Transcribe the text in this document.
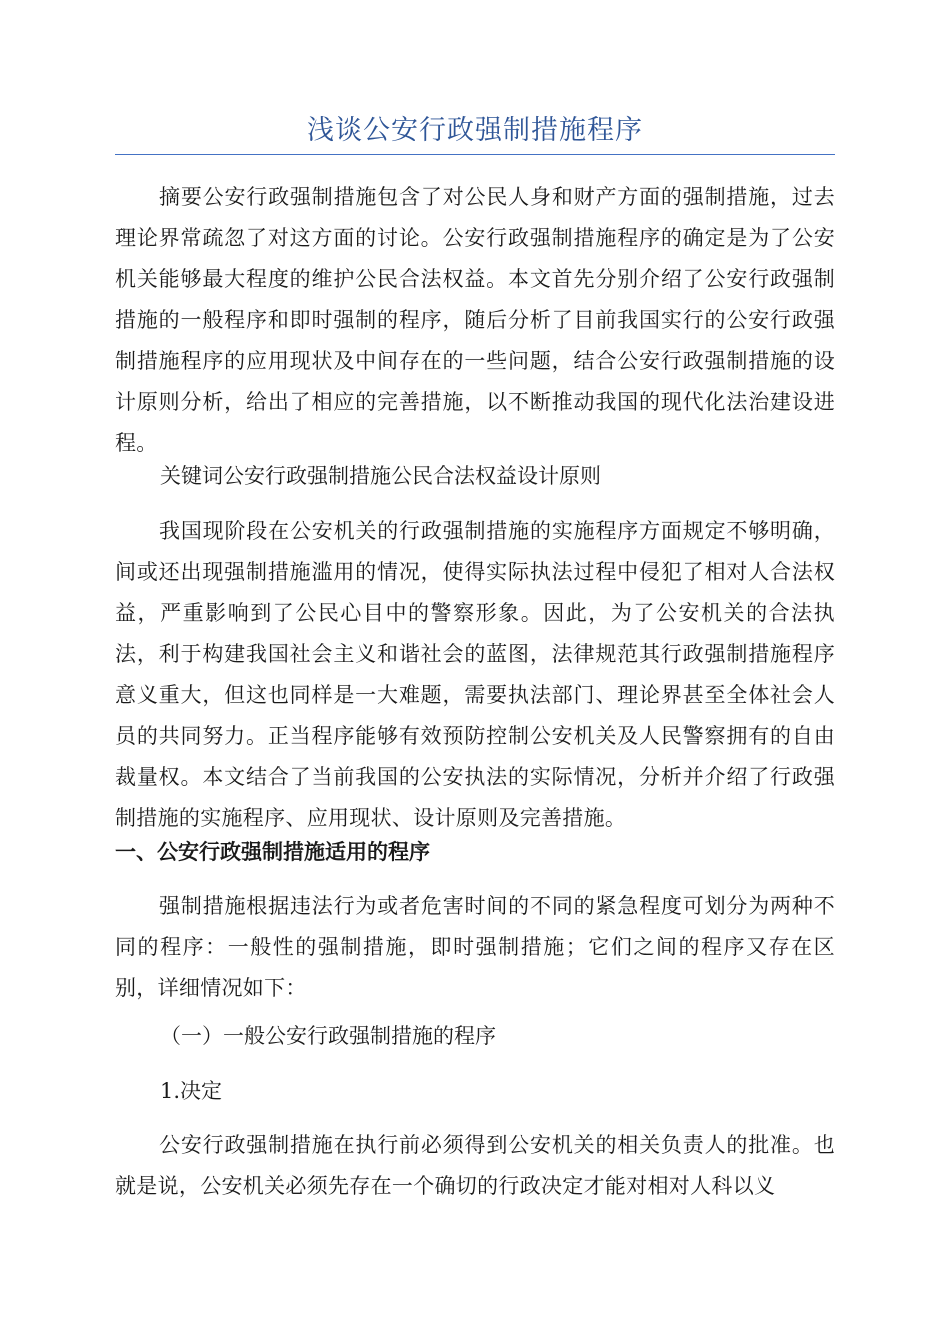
浅谈公安行政强制措施程序

摘要公安行政强制措施包含了对公民人身和财产方面的强制措施，过去理论界常疏忽了对这方面的讨论。公安行政强制措施程序的确定是为了公安机关能够最大程度的维护公民合法权益。本文首先分别介绍了公安行政强制措施的一般程序和即时强制的程序，随后分析了目前我国实行的公安行政强制措施程序的应用现状及中间存在的一些问题，结合公安行政强制措施的设计原则分析，给出了相应的完善措施，以不断推动我国的现代化法治建设进程。

关键词公安行政强制措施公民合法权益设计原则

我国现阶段在公安机关的行政强制措施的实施程序方面规定不够明确，间或还出现强制措施滥用的情况，使得实际执法过程中侵犯了相对人合法权益，严重影响到了公民心目中的警察形象。因此，为了公安机关的合法执法，利于构建我国社会主义和谐社会的蓝图，法律规范其行政强制措施程序意义重大，但这也同样是一大难题，需要执法部门、理论界甚至全体社会人员的共同努力。正当程序能够有效预防控制公安机关及人民警察拥有的自由裁量权。本文结合了当前我国的公安执法的实际情况，分析并介绍了行政强制措施的实施程序、应用现状、设计原则及完善措施。

一、公安行政强制措施适用的程序

强制措施根据违法行为或者危害时间的不同的紧急程度可划分为两种不同的程序：一般性的强制措施，即时强制措施；它们之间的程序又存在区别，详细情况如下：

（一）一般公安行政强制措施的程序

1.决定

公安行政强制措施在执行前必须得到公安机关的相关负责人的批准。也就是说，公安机关必须先存在一个确切的行政决定才能对相对人科以义
